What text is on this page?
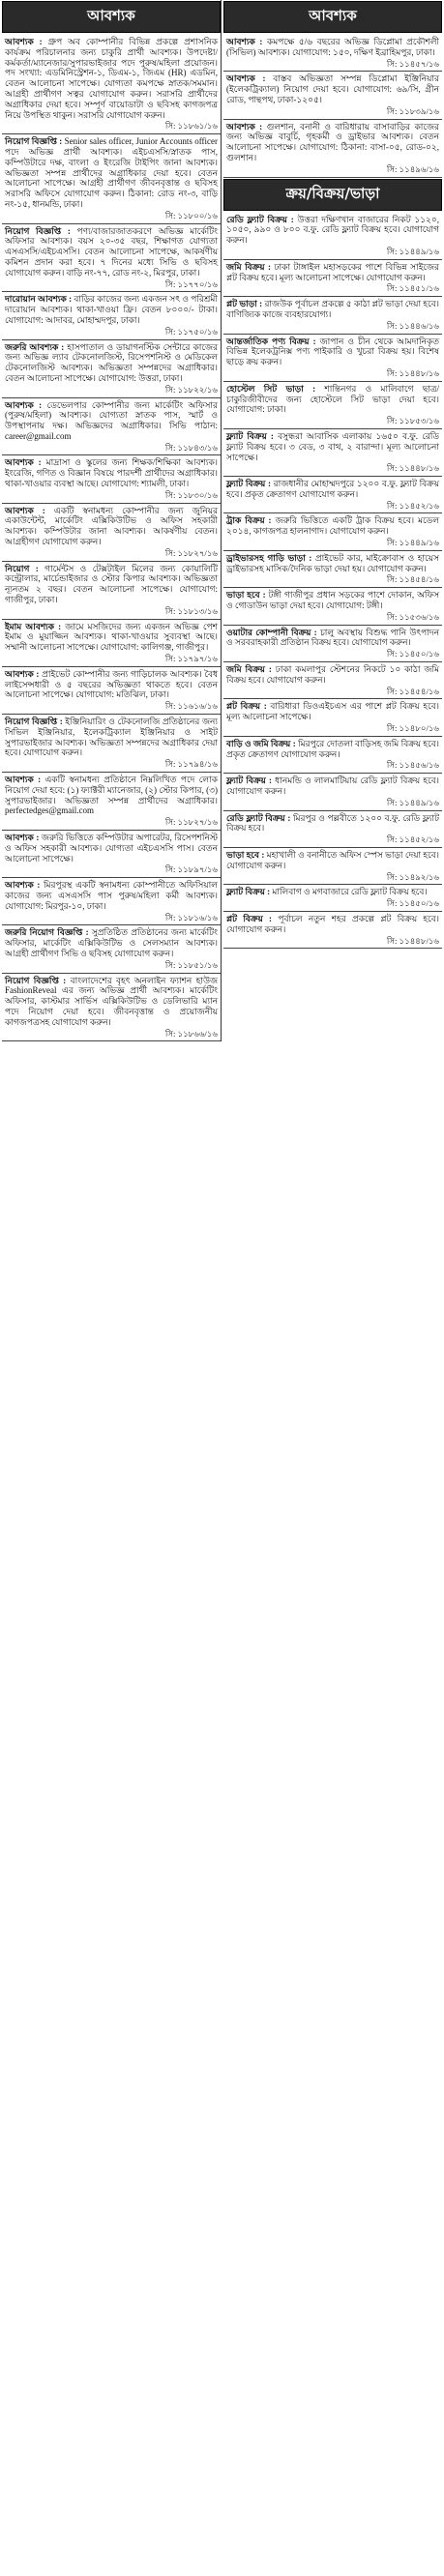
আবশ্যক
আবশ্যক : গ্রুপ অব কোম্পানীর বিভিন্ন প্রকল্পে প্রশাসনিক কার্যক্রম পরিচালনার জন্য চাকুরি প্রার্থী আবশ্যক। উপদেষ্টা/কর্মকর্তা/ম্যানেজার/সুপারভাইজার পদে পুরুষ/মহিলা প্রয়োজন। পদ সংখ্যা: এডমিনিস্ট্রেশন-১, ডিএম-১, জিএম (HR) এডমিন, বেতন আলোচনা সাপেক্ষে। যোগ্যতা কমপক্ষে স্নাতক/সমমান। আগ্রহী প্রার্থীগণ সত্বর যোগাযোগ করুন। সরাসরি প্রার্থীদের অগ্রাধিকার দেয়া হবে। সম্পূর্ণ বায়োডাটা ও ছবিসহ কাগজপত্র নিয়ে উপস্থিত থাকুন। সরাসরি যোগাযোগ করুন।
সি: ১১৮৬১/১৬
নিয়োগ বিজ্ঞপ্তি : Senior sales officer, Junior Accounts officer পদে অভিজ্ঞ প্রার্থী আবশ্যক। এইচএসসি/স্নাতক পাস, কম্পিউটারে দক্ষ, বাংলা ও ইংরেজি টাইপিং জানা আবশ্যক। অভিজ্ঞতা সম্পন্ন প্রার্থীদের অগ্রাধিকার দেয়া হবে। বেতন আলোচনা সাপেক্ষে। আগ্রহী প্রার্থীগণ জীবনবৃত্তান্ত ও ছবিসহ সরাসরি অফিসে যোগাযোগ করুন। ঠিকানা: রোড নং-৩, বাড়ি নং-১৫, ধানমন্ডি, ঢাকা।
সি: ১১৮০০/১৬
নিয়োগ বিজ্ঞপ্তি : পণ্য/বাজারজাতকরণে অভিজ্ঞ মার্কেটিং অফিসার আবশ্যক। বয়স ২০-৩৫ বছর, শিক্ষাগত যোগ্যতা এসএসসি/এইচএসসি। বেতন আলোচনা সাপেক্ষে, আকর্ষণীয় কমিশন প্রদান করা হবে। ৭ দিনের মধ্যে সিভি ও ছবিসহ যোগাযোগ করুন। বাড়ি নং-৭৭, রোড নং-২, মিরপুর, ঢাকা।
সি: ১১৭৭০/১৬
দারোয়ান আবশ্যক : বাড়ির কাজের জন্য একজন সৎ ও পরিশ্রমী দারোয়ান আবশ্যক। থাকা-খাওয়া ফ্রি। বেতন ৮০০০/- টাকা। যোগাযোগ: আদাবর, মোহাম্মদপুর, ঢাকা।
সি: ১১৭৫০/১৬
জরুরি আবশ্যক : হাসপাতাল ও ডায়াগনস্টিক সেন্টারে কাজের জন্য অভিজ্ঞ ল্যাব টেকনোলজিস্ট, রিসেপশনিস্ট ও মেডিকেল টেকনোলজিস্ট আবশ্যক। অভিজ্ঞতা সম্পন্নদের অগ্রাধিকার। বেতন আলোচনা সাপেক্ষে। যোগাযোগ: উত্তরা, ঢাকা।
সি: ১১৮২২/১৬
আবশ্যক : ডেভেলপার কোম্পানীর জন্য মার্কেটিং অফিসার (পুরুষ/মহিলা) আবশ্যক। যোগ্যতা স্নাতক পাস, স্মার্ট ও উপস্থাপনায় দক্ষ। অভিজ্ঞদের অগ্রাধিকার। সিভি পাঠান: career@gmail.com
সি: ১১৮৪৩/১৬
আবশ্যক : মাদ্রাসা ও স্কুলের জন্য শিক্ষক/শিক্ষিকা আবশ্যক। ইংরেজি, গণিত ও বিজ্ঞান বিষয়ে পারদর্শী প্রার্থীদের অগ্রাধিকার। থাকা-খাওয়ার ব্যবস্থা আছে। যোগাযোগ: শ্যামলী, ঢাকা।
সি: ১১৮৩০/১৬
আবশ্যক : একটি স্বনামধন্য কোম্পানীর জন্য জুনিয়র একাউন্টেন্ট, মার্কেটিং এক্সিকিউটিভ ও অফিস সহকারী আবশ্যক। কম্পিউটার জানা আবশ্যক। আকর্ষণীয় বেতন। আগ্রহীগণ যোগাযোগ করুন।
সি: ১১৮২৭/১৬
নিয়োগ : গার্মেন্টস ও টেক্সটাইল মিলের জন্য কোয়ালিটি কন্ট্রোলার, মার্চেন্ডাইজার ও স্টোর কিপার আবশ্যক। অভিজ্ঞতা ন্যূনতম ২ বছর। বেতন আলোচনা সাপেক্ষে। যোগাযোগ: গাজীপুর, ঢাকা।
সি: ১১৮১৩/১৬
ইমাম আবশ্যক : জামে মসজিদের জন্য একজন অভিজ্ঞ পেশ ইমাম ও মুয়াজ্জিন আবশ্যক। থাকা-খাওয়ার সুব্যবস্থা আছে। সম্মানী আলোচনা সাপেক্ষে। যোগাযোগ: কালিগঞ্জ, গাজীপুর।
সি: ১১৭৯৭/১৬
আবশ্যক : প্রাইভেট কোম্পানীর জন্য গাড়িচালক আবশ্যক। বৈধ লাইসেন্সধারী ও ৫ বছরের অভিজ্ঞতা থাকতে হবে। বেতন আলোচনা সাপেক্ষে। যোগাযোগ: মতিঝিল, ঢাকা।
সি: ১১৬১৬/১৬
নিয়োগ বিজ্ঞপ্তি : ইঞ্জিনিয়ারিং ও টেকনোলজি প্রতিষ্ঠানের জন্য সিভিল ইঞ্জিনিয়ার, ইলেকট্রিক্যাল ইঞ্জিনিয়ার ও সাইট সুপারভাইজার আবশ্যক। অভিজ্ঞতা সম্পন্নদের অগ্রাধিকার দেয়া হবে। যোগাযোগ করুন।
সি: ১১৭৯৪/১৬
আবশ্যক : একটি স্বনামধন্য প্রতিষ্ঠানে নিম্নলিখিত পদে লোক নিয়োগ দেয়া হবে: (১) ফ্যাক্টরী ম্যানেজার, (২) স্টোর কিপার, (৩) সুপারভাইজার। অভিজ্ঞতা সম্পন্ন প্রার্থীদের অগ্রাধিকার। perfectedges@gmail.com
সি: ১১৮২৭/১৬
আবশ্যক : জরুরি ভিত্তিতে কম্পিউটার অপারেটর, রিসেপশনিস্ট ও অফিস সহকারী আবশ্যক। যোগ্যতা এইচএসসি পাস। বেতন আলোচনা সাপেক্ষে।
সি: ১১৮৯৭/১৬
আবশ্যক : মিরপুরস্থ একটি স্বনামধন্য কোম্পানীতে অফিসিয়াল কাজের জন্য এসএসসি পাস পুরুষ/মহিলা কর্মী আবশ্যক। যোগাযোগ: মিরপুর-১০, ঢাকা।
সি: ১১৮১৬/১৬
জরুরি নিয়োগ বিজ্ঞপ্তি : সুপ্রতিষ্ঠিত প্রতিষ্ঠানের জন্য মার্কেটিং অফিসার, মার্কেটিং এক্সিকিউটিভ ও সেলসম্যান আবশ্যক। আগ্রহী প্রার্থীগণ সিভি ও ছবিসহ যোগাযোগ করুন।
সি: ১১৮৫১/১৬
নিয়োগ বিজ্ঞপ্তি : বাংলাদেশের বৃহৎ অনলাইন ফ্যাশন হাউজ FashionReveal এর জন্য অভিজ্ঞ প্রার্থী আবশ্যক। মার্কেটিং অফিসার, কাস্টমার সার্ভিস এক্সিকিউটিভ ও ডেলিভারি ম্যান পদে নিয়োগ দেয়া হবে। জীবনবৃত্তান্ত ও প্রয়োজনীয় কাগজপত্রসহ যোগাযোগ করুন।
সি: ১১৮৬৬/১৬
আবশ্যক
আবশ্যক : কমপক্ষে ৫/৬ বছরের অভিজ্ঞ ডিপ্লোমা প্রকৌশলী (সিভিল) আবশ্যক। যোগাযোগ: ১৫০, দক্ষিণ ইব্রাহিমপুর, ঢাকা।
সি: ১১৪৫৭/১৬
আবশ্যক : বাস্তব অভিজ্ঞতা সম্পন্ন ডিপ্লোমা ইঞ্জিনিয়ার (ইলেকট্রিক্যাল) নিয়োগ দেয়া হবে। যোগাযোগ: ৬৯/সি, গ্রীন রোড, পান্থপথ, ঢাকা-১২০৫।
সি: ১১৮৩৯/১৬
আবশ্যক : গুলশান, বনানী ও বারিধারায় বাসাবাড়ির কাজের জন্য অভিজ্ঞ বাবুর্চি, গৃহকর্মী ও ড্রাইভার আবশ্যক। বেতন আলোচনা সাপেক্ষে। যোগাযোগ: ঠিকানা: বাসা-০৫, রোড-০২, গুলশান।
সি: ১১৪৯৬/১৬
ক্রয়/বিক্রয়/ভাড়া
রেডি ফ্ল্যাট বিক্রয় : উত্তরা দক্ষিণখান বাজারের নিকট ১১২০, ১০৫০, ৯৯০ ও ৮০০ ব.ফু. রেডি ফ্ল্যাট বিক্রয় হবে। যোগাযোগ করুন।
সি: ১১৪৪৯/১৬
জমি বিক্রয় : ঢাকা টাঙ্গাইল মহাসড়কের পাশে বিভিন্ন সাইজের প্লট বিক্রয় হবে। মূল্য আলোচনা সাপেক্ষে। যোগাযোগ করুন।
সি: ১১৪৫১/১৬
প্লট ভাড়া : রাজউক পূর্বাচল প্রকল্পে ৫ কাঠা প্লট ভাড়া দেয়া হবে। বাণিজ্যিক কাজে ব্যবহারযোগ্য।
সি: ১১৪৪৬/১৬
আন্তর্জাতিক পণ্য বিক্রয় : জাপান ও চীন থেকে আমদানিকৃত বিভিন্ন ইলেকট্রনিক্স পণ্য পাইকারি ও খুচরা বিক্রয় হয়। বিশেষ ছাড়ে ক্রয় করুন।
সি: ১১৪৪৮/১৬
হোস্টেল সিট ভাড়া : শান্তিনগর ও মালিবাগে ছাত্র/চাকুরিজীবীদের জন্য হোস্টেলে সিট ভাড়া দেয়া হবে। যোগাযোগ: ঢাকা।
সি: ১১৮৫৩/১৬
ফ্ল্যাট বিক্রয় : বসুন্ধরা আবাসিক এলাকায় ১৬৫০ ব.ফু. রেডি ফ্ল্যাট বিক্রয় হবে। ৩ বেড, ৩ বাথ, ২ বারান্দা। মূল্য আলোচনা সাপেক্ষে।
সি: ১১৪৪৮/১৬
ফ্ল্যাট বিক্রয় : রাজধানীর মোহাম্মদপুরে ১২০০ ব.ফু. ফ্ল্যাট বিক্রয় হবে। প্রকৃত ক্রেতাগণ যোগাযোগ করুন।
সি: ১১৪৫২/১৬
ট্রাক বিক্রয় : জরুরি ভিত্তিতে একটি ট্রাক বিক্রয় হবে। মডেল ২০১৪, কাগজপত্র হালনাগাদ। যোগাযোগ করুন।
সি: ১১৪৪৯/১৬
ড্রাইভারসহ গাড়ি ভাড়া : প্রাইভেট কার, মাইক্রোবাস ও হায়েস ড্রাইভারসহ মাসিক/দৈনিক ভাড়া দেয়া হয়। যোগাযোগ করুন।
সি: ১১৪৫৪/১৬
ভাড়া হবে : টঙ্গী গাজীপুর প্রধান সড়কের পাশে দোকান, অফিস ও গোডাউন ভাড়া দেয়া হবে। যোগাযোগ: টঙ্গী।
সি: ১১৫৩৬/১৬
ওয়াটার কোম্পানী বিক্রয় : চালু অবস্থায় বিশুদ্ধ পানি উৎপাদন ও সরবরাহকারী প্রতিষ্ঠান বিক্রয় হবে। যোগাযোগ করুন।
সি: ১১৪৫০/১৬
জমি বিক্রয় : ঢাকা কমলাপুর স্টেশনের নিকটে ১০ কাঠা জমি বিক্রয় হবে। যোগাযোগ করুন।
সি: ১১৪৫৪/১৬
প্লট বিক্রয় : বারিধারা ডিওএইচএস এর পাশে প্লট বিক্রয় হবে। মূল্য আলোচনা সাপেক্ষে।
সি: ১১৪৮০/১৬
বাড়ি ও জমি বিক্রয় : মিরপুরে দোতলা বাড়িসহ জমি বিক্রয় হবে। প্রকৃত ক্রেতাগণ যোগাযোগ করুন।
সি: ১১৪৫৬/১৬
ফ্ল্যাট বিক্রয় : ধানমন্ডি ও লালমাটিয়ায় রেডি ফ্ল্যাট বিক্রয় হবে। যোগাযোগ করুন।
সি: ১১৪৪৯/১৬
রেডি ফ্ল্যাট বিক্রয় : মিরপুর ও পল্লবীতে ১২০০ ব.ফু. রেডি ফ্ল্যাট বিক্রয় হবে।
সি: ১১৪৫২/১৬
ভাড়া হবে : মহাখালী ও বনানীতে অফিস স্পেস ভাড়া দেয়া হবে। যোগাযোগ করুন।
সি: ১১৪৯২/১৬
ফ্ল্যাট বিক্রয় : মালিবাগ ও মগবাজারে রেডি ফ্ল্যাট বিক্রয় হবে।
সি: ১১৪৫০/১৬
প্লট বিক্রয় : পূর্বাচল নতুন শহর প্রকল্পে প্লট বিক্রয় হবে। যোগাযোগ করুন।
সি: ১১৪৪৮/১৬
